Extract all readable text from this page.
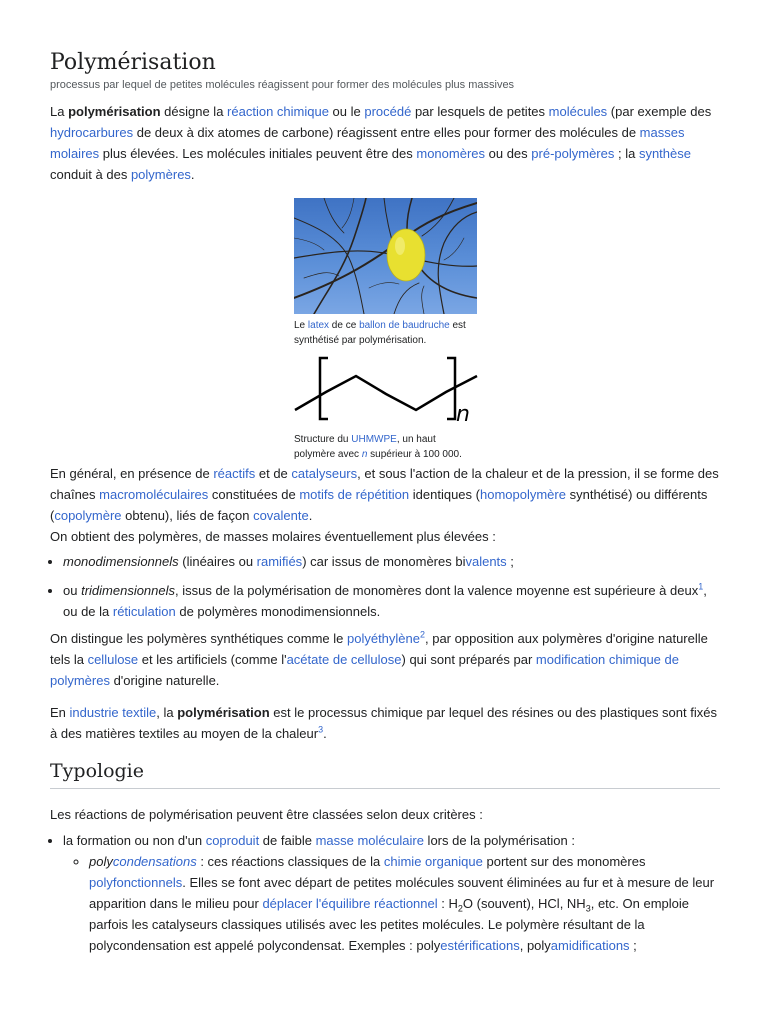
Polymérisation
processus par lequel de petites molécules réagissent pour former des molécules plus massives

La polymérisation désigne la réaction chimique ou le procédé par lesquels de petites molécules (par exemple des hydrocarbures de deux à dix atomes de carbone) réagissent entre elles pour former des molécules de masses molaires plus élevées. Les molécules initiales peuvent être des monomères ou des pré-polymères ; la synthèse conduit à des polymères.

Le latex de ce ballon de baudruche est synthétisé par polymérisation.
n
Structure du UHMWPE, un haut polymère avec n supérieur à 100 000.

En général, en présence de réactifs et de catalyseurs, et sous l'action de la chaleur et de la pression, il se forme des chaînes macromoléculaires constituées de motifs de répétition identiques (homopolymère synthétisé) ou différents (copolymère obtenu), liés de façon covalente.
On obtient des polymères, de masses molaires éventuellement plus élevées :

• monodimensionnels (linéaires ou ramifiés) car issus de monomères bivalents ;
• ou tridimensionnels, issus de la polymérisation de monomères dont la valence moyenne est supérieure à deux$^1$, ou de la réticulation de polymères monodimensionnels.

On distingue les polymères synthétiques comme le polyéthylène$^2$, par opposition aux polymères d'origine naturelle tels la cellulose et les artificiels (comme l'acétate de cellulose) qui sont préparés par modification chimique de polymères d'origine naturelle.

En industrie textile, la polymérisation est le processus chimique par lequel des résines ou des plastiques sont fixés à des matières textiles au moyen de la chaleur$^3$.

Typologie

Les réactions de polymérisation peuvent être classées selon deux critères :

• la formation ou non d'un coproduit de faible masse moléculaire lors de la polymérisation :
◦ polycondensations : ces réactions classiques de la chimie organique portent sur des monomères polyfonctionnels. Elles se font avec départ de petites molécules souvent éliminées au fur et à mesure de leur apparition dans le milieu pour déplacer l'équilibre réactionnel : $H_2O$ (souvent), HCl, $NH_3$, etc. On emploie parfois les catalyseurs classiques utilisés avec les petites molécules. Le polymère résultant de la polycondensation est appelé polycondensat. Exemples : polyestérifications, polyamidifications ;
